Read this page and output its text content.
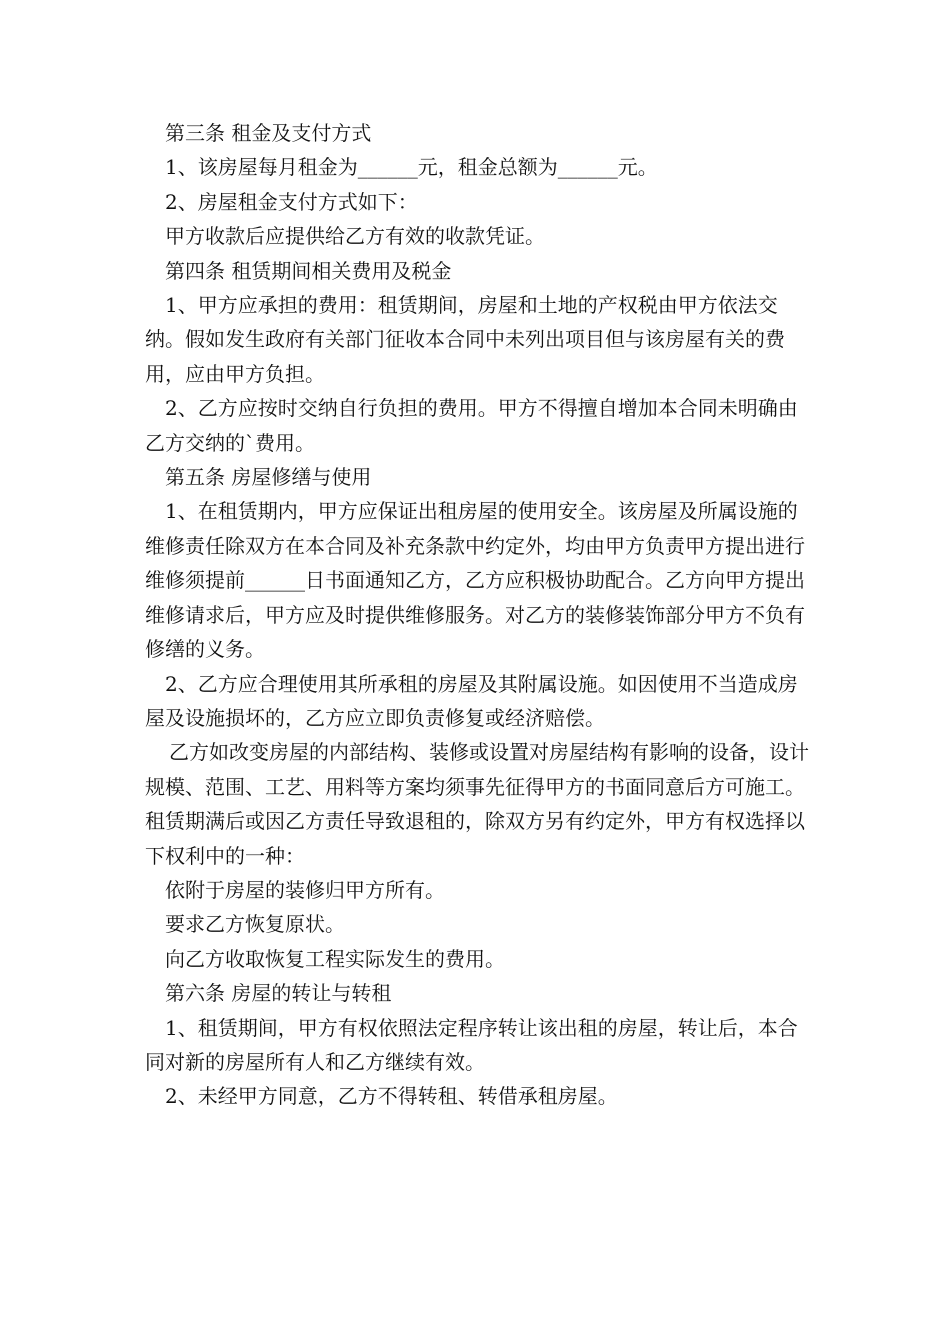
第三条 租金及支付方式

1、该房屋每月租金为______元，租金总额为______元。

2、房屋租金支付方式如下：

甲方收款后应提供给乙方有效的收款凭证。

第四条 租赁期间相关费用及税金

1、甲方应承担的费用：租赁期间，房屋和土地的产权税由甲方依法交纳。假如发生政府有关部门征收本合同中未列出项目但与该房屋有关的费用，应由甲方负担。

2、乙方应按时交纳自行负担的费用。甲方不得擅自增加本合同未明确由乙方交纳的`费用。

第五条 房屋修缮与使用

1、在租赁期内，甲方应保证出租房屋的使用安全。该房屋及所属设施的维修责任除双方在本合同及补充条款中约定外，均由甲方负责甲方提出进行维修须提前______日书面通知乙方，乙方应积极协助配合。乙方向甲方提出维修请求后，甲方应及时提供维修服务。对乙方的装修装饰部分甲方不负有修缮的义务。

2、乙方应合理使用其所承租的房屋及其附属设施。如因使用不当造成房屋及设施损坏的，乙方应立即负责修复或经济赔偿。

乙方如改变房屋的内部结构、装修或设置对房屋结构有影响的设备，设计规模、范围、工艺、用料等方案均须事先征得甲方的书面同意后方可施工。租赁期满后或因乙方责任导致退租的，除双方另有约定外，甲方有权选择以下权利中的一种：

依附于房屋的装修归甲方所有。

要求乙方恢复原状。

向乙方收取恢复工程实际发生的费用。

第六条 房屋的转让与转租

1、租赁期间，甲方有权依照法定程序转让该出租的房屋，转让后，本合同对新的房屋所有人和乙方继续有效。

2、未经甲方同意，乙方不得转租、转借承租房屋。
